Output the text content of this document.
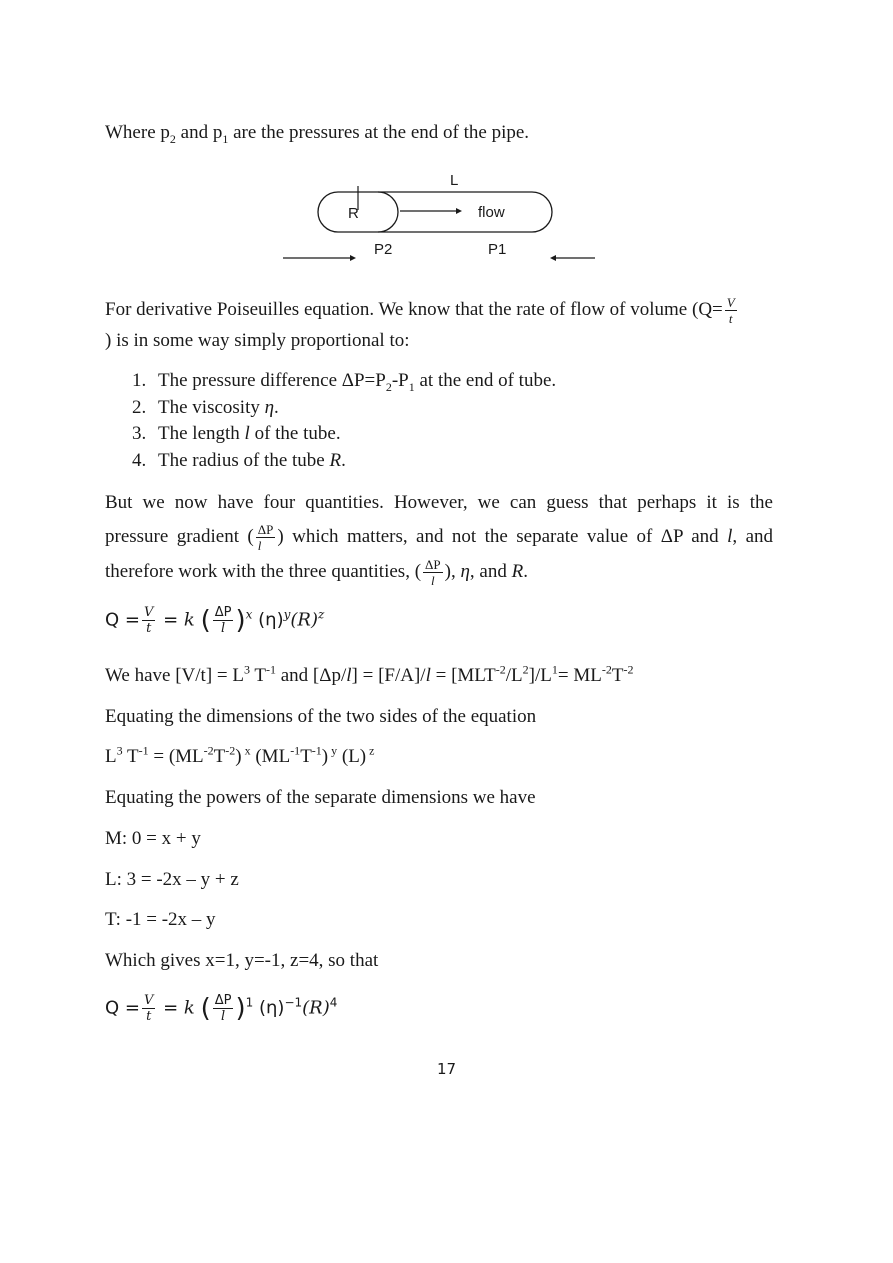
Where $p_2$ and $p_1$ are the pressures at the end of the pipe.
L
R	flow
P2	P1
For derivative Poiseuilles equation. We know that the rate of flow of volume ($Q= \frac{V}{t}$
) is in some way simply proportional to:
1. The pressure difference $\Delta P=P_2-P_1$ at the end of tube.
2. The viscosity η.
3. The length l of the tube.
4. The radius of the tube R.
But we now have four quantities. However, we can guess that perhaps it is the
pressure gradient ( $\frac{\Delta P}{l}$ ) which matters, and not the separate value of ΔP and l, and
therefore work with the three quantities, ( $\frac{\Delta P}{l}$ ), η, and R.
$Q = \frac{V}{t} = k$ ( $\frac{\Delta P}{l} )^x$ $(\eta)^y(R)^z$
We have $[V/t] = L^3$ $T^{-1}$ and $[\Delta p/l] = [F/A]/l = [MLT^{-2}/L^2]/L^1= ML^{-2}T^{-2}$
Equating the dimensions of the two sides of the equation
$L^3$ $T^{-1} = (ML^{-2}T^{-2})$ $^x$ $(ML^{-1}T^{-1})$ $^y$ (L) $^z$
Equating the powers of the separate dimensions we have
M: 0 = x + y
L: 3 = -2x – y + z
T: -1 = -2x – y
Which gives x=1, y=-1, z=4, so that
$Q = \frac{V}{t} = k$ ( $\frac{\Delta P}{l} )^1$ $(\eta)^{-1}(R)^4$
17
